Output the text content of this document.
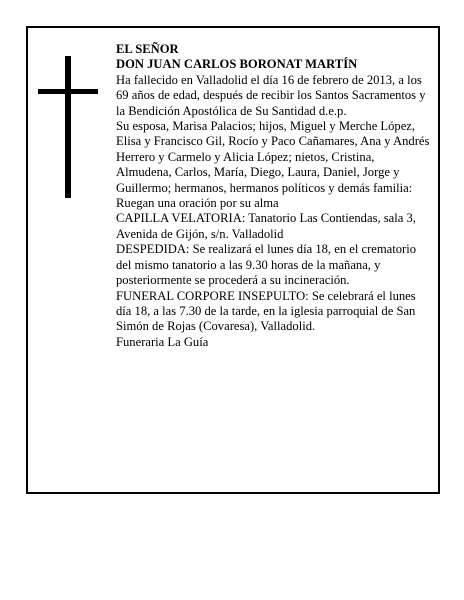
EL SEÑOR

DON JUAN CARLOS BORONAT MARTÍN

Ha fallecido en Valladolid el día 16 de febrero de 2013, a los 69 años de edad, después de recibir los Santos Sacramentos y la Bendición Apostólica de Su Santidad d.e.p.

Su esposa, Marisa Palacios; hijos, Miguel y Merche López, Elisa y Francisco Gil, Rocío y Paco Cañamares, Ana y Andrés Herrero y Carmelo y Alicia López; nietos, Cristina, Almudena, Carlos, María, Diego, Laura, Daniel, Jorge y Guillermo; hermanos, hermanos políticos y demás familia:

Ruegan una oración por su alma

CAPILLA VELATORIA: Tanatorio Las Contiendas, sala 3, Avenida de Gijón, s/n. Valladolid

DESPEDIDA: Se realizará el lunes día 18, en el crematorio del mismo tanatorio a las 9.30 horas de la mañana, y posteriormente se procederá a su incineración.

FUNERAL CORPORE INSEPULTO: Se celebrará el lunes día 18, a las 7.30 de la tarde, en la iglesia parroquial de San Simón de Rojas (Covaresa), Valladolid.

Funeraria La Guía
